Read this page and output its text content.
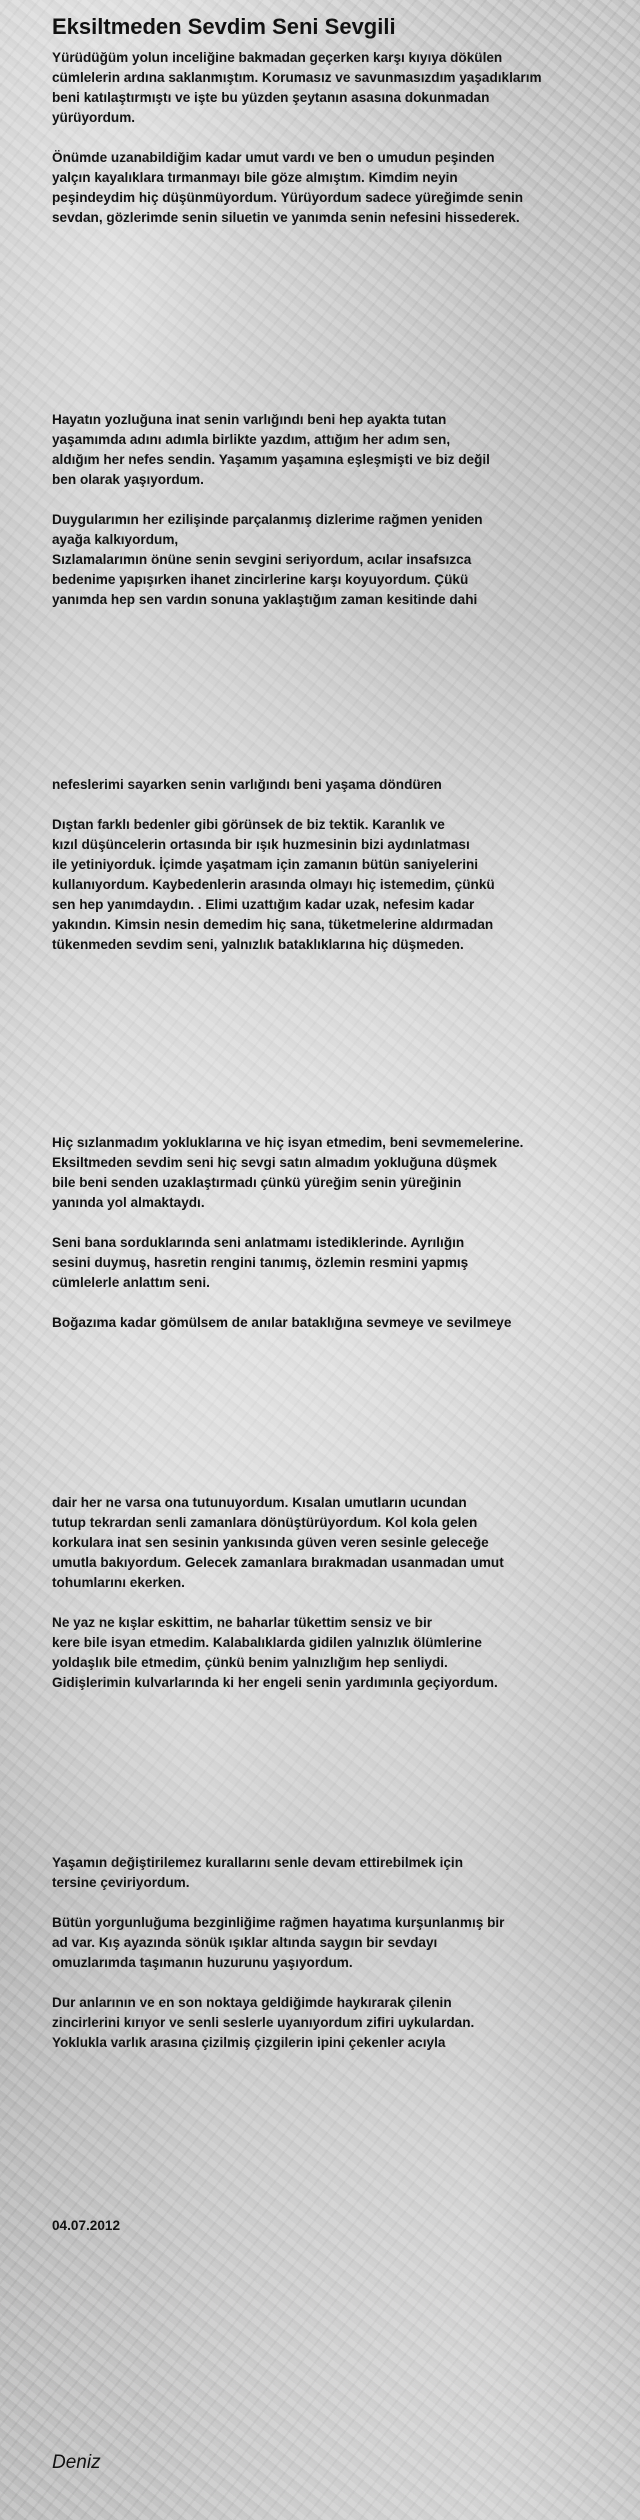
Eksiltmeden Sevdim Seni Sevgili

Yürüdüğüm yolun inceliğine bakmadan geçerken karşı kıyıya dökülen
cümlelerin ardına saklanmıştım. Korumasız ve savunmasızdım yaşadıklarım
beni katılaştırmıştı ve işte bu yüzden şeytanın asasına dokunmadan
yürüyordum.

Önümde uzanabildiğim kadar umut vardı ve ben o umudun peşinden
yalçın kayalıklara tırmanmayı bile göze almıştım. Kimdim neyin
peşindeydim hiç düşünmüyordum. Yürüyordum sadece yüreğimde senin
sevdan, gözlerimde senin siluetin ve yanımda senin nefesini hissederek.

Hayatın yozluğuna inat senin varlığındı beni hep ayakta tutan
yaşamımda adını adımla birlikte yazdım, attığım her adım sen,
aldığım her nefes sendin. Yaşamım yaşamına eşleşmişti ve biz değil
ben olarak yaşıyordum.

Duygularımın her ezilişinde parçalanmış dizlerime rağmen yeniden
ayağa kalkıyordum,
Sızlamalarımın önüne senin sevgini seriyordum, acılar insafsızca
bedenime yapışırken ihanet zincirlerine karşı koyuyordum. Çükü
yanımda hep sen vardın sonuna yaklaştığım zaman kesitinde dahi

nefeslerimi sayarken senin varlığındı beni yaşama döndüren

Dıştan farklı bedenler gibi görünsek de biz tektik. Karanlık ve
kızıl düşüncelerin ortasında bir ışık huzmesinin bizi aydınlatması
ile yetiniyorduk. İçimde yaşatmam için zamanın bütün saniyelerini
kullanıyordum. Kaybedenlerin arasında olmayı hiç istemedim, çünkü
sen hep yanımdaydın. . Elimi uzattığım kadar uzak, nefesim kadar
yakındın. Kimsin nesin demedim hiç sana, tüketmelerine aldırmadan
tükenmeden sevdim seni, yalnızlık bataklıklarına hiç düşmeden.

Hiç sızlanmadım yokluklarına ve hiç isyan etmedim, beni sevmemelerine.
Eksiltmeden sevdim seni hiç sevgi satın almadım yokluğuna düşmek
bile beni senden uzaklaştırmadı çünkü yüreğim senin yüreğinin
yanında yol almaktaydı.

Seni bana sorduklarında seni anlatmamı istediklerinde. Ayrılığın
sesini duymuş, hasretin rengini tanımış, özlemin resmini yapmış
cümlelerle anlattım seni.

Boğazıma kadar gömülsem de anılar bataklığına sevmeye ve sevilmeye

dair her ne varsa ona tutunuyordum. Kısalan umutların ucundan
tutup tekrardan senli zamanlara dönüştürüyordum. Kol kola gelen
korkulara inat sen sesinin yankısında güven veren sesinle geleceğe
umutla bakıyordum. Gelecek zamanlara bırakmadan usanmadan umut
tohumlarını ekerken.

Ne yaz ne kışlar eskittim, ne baharlar tükettim sensiz ve bir
kere bile isyan etmedim. Kalabalıklarda gidilen yalnızlık ölümlerine
yoldaşlık bile etmedim, çünkü benim yalnızlığım hep senliydi.
Gidişlerimin kulvarlarında ki her engeli senin yardımınla geçiyordum.

Yaşamın değiştirilemez kurallarını senle devam ettirebilmek için
tersine çeviriyordum.

Bütün yorgunluğuma bezginliğime rağmen hayatıma kurşunlanmış bir
ad var. Kış ayazında sönük ışıklar altında saygın bir sevdayı
omuzlarımda taşımanın huzurunu yaşıyordum.

Dur anlarının ve en son noktaya geldiğimde haykırarak çilenin
zincirlerini kırıyor ve senli seslerle uyanıyordum zifiri uykulardan.
Yoklukla varlık arasına çizilmiş çizgilerin ipini çekenler acıyla

04.07.2012

Deniz
